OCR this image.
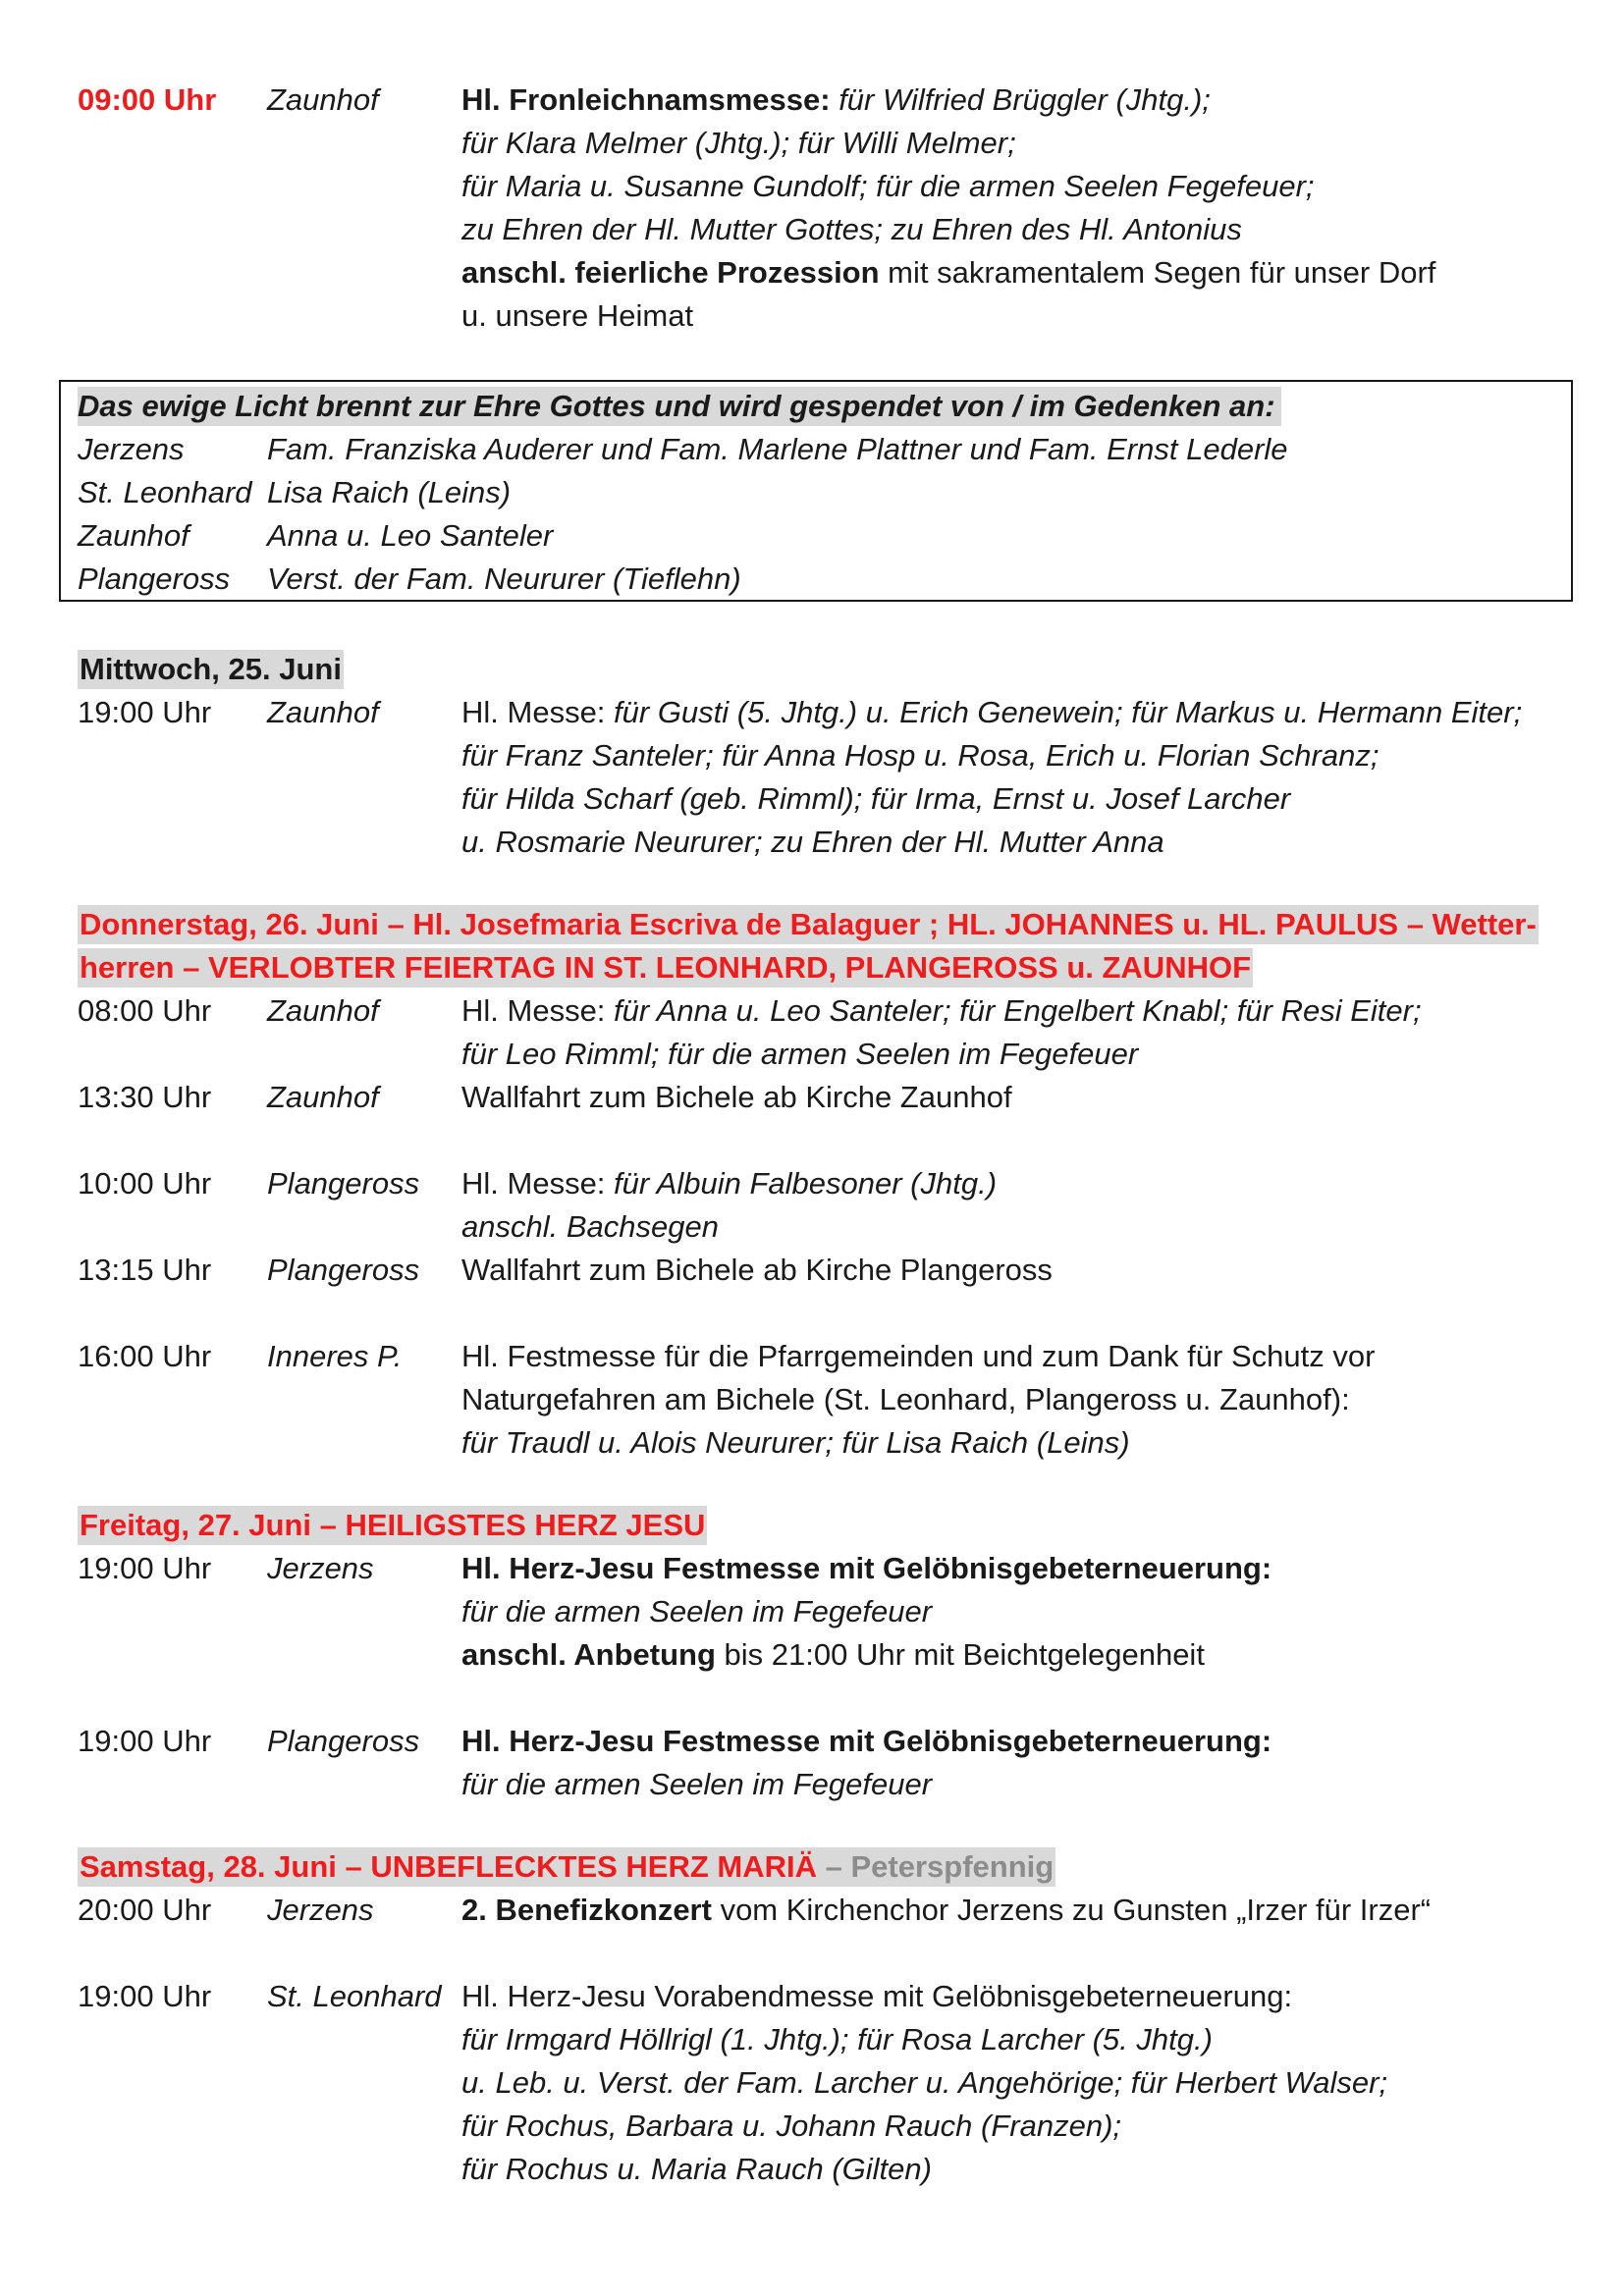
09:00 Uhr Zaunhof	Hl. Fronleichnamsmesse: für Wilfried Brüggler (Jhtg.);
für Klara Melmer (Jhtg.); für Willi Melmer;
für Maria u. Susanne Gundolf; für die armen Seelen Fegefeuer;
zu Ehren der Hl. Mutter Gottes; zu Ehren des Hl. Antonius
anschl. feierliche Prozession mit sakramentalem Segen für unser Dorf
u. unsere Heimat
Das ewige Licht brennt zur Ehre Gottes und wird gespendet von / im Gedenken an:
Jerzens	Fam. Franziska Auderer und Fam. Marlene Plattner und Fam. Ernst Lederle
St. Leonhard Lisa Raich (Leins)
Zaunhof	Anna u. Leo Santeler
Plangeross Verst. der Fam. Neururer (Tieflehn)
Mittwoch, 25. Juni
19:00 Uhr Zaunhof	Hl. Messe: für Gusti (5. Jhtg.) u. Erich Genewein; für Markus u. Hermann Eiter;
für Franz Santeler; für Anna Hosp u. Rosa, Erich u. Florian Schranz;
für Hilda Scharf (geb. Rimml); für Irma, Ernst u. Josef Larcher
u. Rosmarie Neururer; zu Ehren der Hl. Mutter Anna
Donnerstag, 26. Juni – Hl. Josefmaria Escriva de Balaguer ; HL. JOHANNES u. HL. PAULUS – Wetter-
herren – VERLOBTER FEIERTAG IN ST. LEONHARD, PLANGEROSS u. ZAUNHOF
08:00 Uhr Zaunhof	Hl. Messe: für Anna u. Leo Santeler; für Engelbert Knabl; für Resi Eiter;
für Leo Rimml; für die armen Seelen im Fegefeuer
13:30 Uhr Zaunhof	Wallfahrt zum Bichele ab Kirche Zaunhof
10:00 Uhr Plangeross Hl. Messe: für Albuin Falbesoner (Jhtg.)
anschl. Bachsegen
13:15 Uhr Plangeross Wallfahrt zum Bichele ab Kirche Plangeross
16:00 Uhr Inneres P. Hl. Festmesse für die Pfarrgemeinden und zum Dank für Schutz vor
Naturgefahren am Bichele (St. Leonhard, Plangeross u. Zaunhof):
für Traudl u. Alois Neururer; für Lisa Raich (Leins)
Freitag, 27. Juni – HEILIGSTES HERZ JESU
19:00 Uhr Jerzens	Hl. Herz-Jesu Festmesse mit Gelöbnisgebeterneuerung:
für die armen Seelen im Fegefeuer
anschl. Anbetung bis 21:00 Uhr mit Beichtgelegenheit
19:00 Uhr Plangeross Hl. Herz-Jesu Festmesse mit Gelöbnisgebeterneuerung:
für die armen Seelen im Fegefeuer
Samstag, 28. Juni – UNBEFLECKTES HERZ MARIÄ – Peterspfennig
20:00 Uhr Jerzens	2. Benefizkonzert vom Kirchenchor Jerzens zu Gunsten „Irzer für Irzer“
19:00 Uhr St. Leonhard Hl. Herz-Jesu Vorabendmesse mit Gelöbnisgebeterneuerung:
für Irmgard Höllrigl (1. Jhtg.); für Rosa Larcher (5. Jhtg.)
u. Leb. u. Verst. der Fam. Larcher u. Angehörige; für Herbert Walser;
für Rochus, Barbara u. Johann Rauch (Franzen);
für Rochus u. Maria Rauch (Gilten)
